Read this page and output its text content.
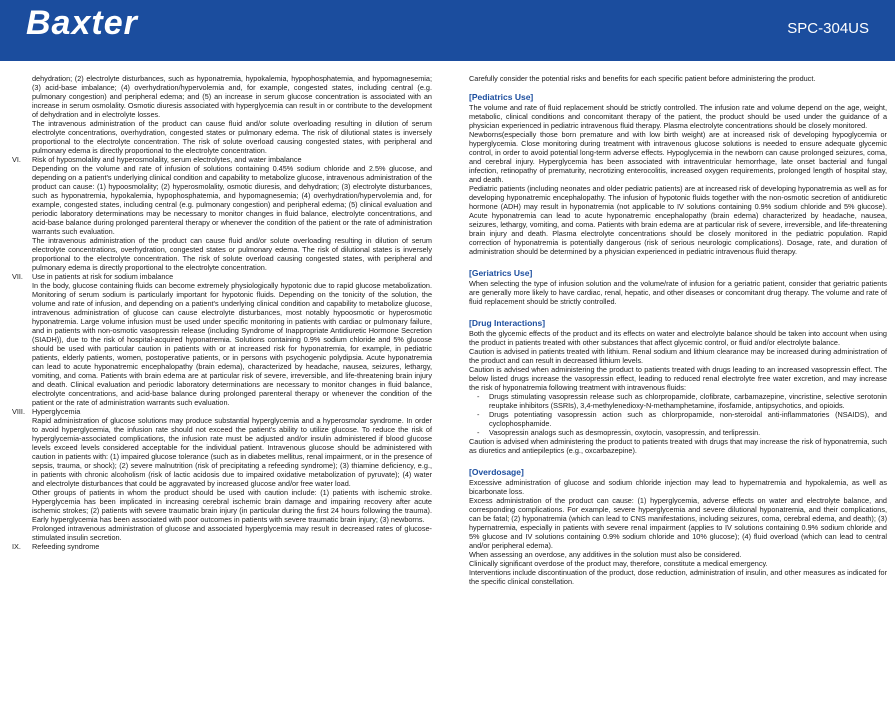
Baxter	SPC-304US

dehydration; (2) electrolyte disturbances, such as hyponatremia, hypokalemia, hypophosphatemia, and hypomagnesemia; (3) acid-base imbalance; (4) overhydration/hypervolemia and, for example, congested states, including central (e.g. pulmonary congestion) and peripheral edema; and (5) an increase in serum glucose concentration is associated with an increase in serum osmolality. Osmotic diuresis associated with hyperglycemia can result in or contribute to the development of dehydration and in electrolyte losses.

The intravenous administration of the product can cause fluid and/or solute overloading resulting in dilution of serum electrolyte concentrations, overhydration, congested states or pulmonary edema. The risk of dilutional states is inversely proportional to the electrolyte concentration. The risk of solute overload causing congested states, with peripheral and pulmonary edema is directly proportional to the electrolyte concentration.

VI.	Risk of hyposmolality and hyperosmolality, serum electrolytes, and water imbalance

Depending on the volume and rate of infusion of solutions containing 0.45% sodium chloride and 2.5% glucose, and depending on a patient's underlying clinical condition and capability to metabolize glucose, intravenous administration of the product can cause: (1) hypoosmolality; (2) hyperosmolality, osmotic diuresis, and dehydration; (3) electrolyte disturbances, such as hyponatremia, hypokalemia, hypophosphatemia, and hypomagnesemia; (4) overhydration/hypervolemia and, for example, congested states, including central (e.g. pulmonary congestion) and peripheral edema; (5) clinical evaluation and periodic laboratory determinations may be necessary to monitor changes in fluid balance, electrolyte concentrations, and acid-base balance during prolonged parenteral therapy or whenever the condition of the patient or the rate of administration warrants such evaluation.

The intravenous administration of the product can cause fluid and/or solute overloading resulting in dilution of serum electrolyte concentrations, overhydration, congested states or pulmonary edema. The risk of dilutional states is inversely proportional to the electrolyte concentration. The risk of solute overload causing congested states, with peripheral and pulmonary edema is directly proportional to the electrolyte concentration.

VII.	Use in patients at risk for sodium imbalance

In the body, glucose containing fluids can become extremely physiologically hypotonic due to rapid glucose metabolization. Monitoring of serum sodium is particularly important for hypotonic fluids. Depending on the tonicity of the solution, the volume and rate of infusion, and depending on a patient's underlying clinical condition and capability to metabolize glucose, intravenous administration of glucose can cause electrolyte disturbances, most notably hypoosmotic or hyperosmotic hyponatremia. Large volume infusion must be used under specific monitoring in patients with cardiac or pulmonary failure, and in patients with non-osmotic vasopressin release (including Syndrome of Inappropriate Antidiuretic Hormone Secretion (SIADH)), due to the risk of hospital-acquired hyponatremia. Solutions containing 0.9% sodium chloride and 5% glucose should be used with particular caution in patients with or at increased risk for hyponatremia, for example, in pediatric patients, elderly patients, women, postoperative patients, or in persons with psychogenic polydipsia. Acute hyponatremia can lead to acute hyponatremic encephalopathy (brain edema), characterized by headache, nausea, seizures, lethargy, vomiting, and coma. Patients with brain edema are at particular risk of severe, irreversible, and life-threatening brain injury and death. Clinical evaluation and periodic laboratory determinations are necessary to monitor changes in fluid balance, electrolyte concentrations, and acid-base balance during prolonged parenteral therapy or whenever the condition of the patient or the rate of administration warrants such evaluation.

VIII. Hyperglycemia

Rapid administration of glucose solutions may produce substantial hyperglycemia and a hyperosmolar syndrome. In order to avoid hyperglycemia, the infusion rate should not exceed the patient's ability to utilize glucose. To reduce the risk of hyperglycemia-associated complications, the infusion rate must be adjusted and/or insulin administered if blood glucose levels exceed levels considered acceptable for the individual patient. Intravenous glucose should be administered with caution in patients with: (1) impaired glucose tolerance (such as in diabetes mellitus, renal impairment, or in the presence of sepsis, trauma, or shock); (2) severe malnutrition (risk of precipitating a refeeding syndrome); (3) thiamine deficiency, e.g., in patients with chronic alcoholism (risk of lactic acidosis due to impaired oxidative metabolization of pyruvate); (4) water and electrolyte disturbances that could be aggravated by increased glucose and/or free water load.

Other groups of patients in whom the product should be used with caution include: (1) patients with ischemic stroke. Hyperglycemia has been implicated in increasing cerebral ischemic brain damage and impairing recovery after acute ischemic strokes; (2) patients with severe traumatic brain injury (in particular during the first 24 hours following the trauma). Early hyperglycemia has been associated with poor outcomes in patients with severe traumatic brain injury; (3) newborns.

Prolonged intravenous administration of glucose and associated hyperglycemia may result in decreased rates of glucose-stimulated insulin secretion.

IX.	Refeeding syndrome

Carefully consider the potential risks and benefits for each specific patient before administering the product.

[Pediatrics Use]

The volume and rate of fluid replacement should be strictly controlled. The infusion rate and volume depend on the age, weight, metabolic, clinical conditions and concomitant therapy of the patient, the product should be used under the guidance of a physician experienced in pediatric intravenous fluid therapy. Plasma electrolyte concentrations should be closely monitored.

Newborns(especially those born premature and with low birth weight) are at increased risk of developing hypoglycemia or hyperglycemia. Close monitoring during treatment with intravenous glucose solutions is needed to ensure adequate glycemic control, in order to avoid potential long-term adverse effects. Hypoglycemia in the newborn can cause prolonged seizures, coma, and cerebral injury. Hyperglycemia has been associated with intraventricular hemorrhage, late onset bacterial and fungal infection, retinopathy of prematurity, necrotizing enterocolitis, increased oxygen requirements, prolonged length of hospital stay, and death.

Pediatric patients (including neonates and older pediatric patients) are at increased risk of developing hyponatremia as well as for developing hyponatremic encephalopathy. The infusion of hypotonic fluids together with the non-osmotic secretion of antidiuretic hormone (ADH) may result in hyponatremia (not applicable to IV solutions containing 0.9% sodium chloride and 5% glucose). Acute hyponatremia can lead to acute hyponatremic encephalopathy (brain edema) characterized by headache, nausea, seizures, lethargy, vomiting, and coma. Patients with brain edema are at particular risk of severe, irreversible, and life-threatening brain injury and death. Plasma electrolyte concentrations should be closely monitored in the pediatric population. Rapid correction of hyponatremia is potentially dangerous (risk of serious neurologic complications). Dosage, rate, and duration of administration should be determined by a physician experienced in pediatric intravenous fluid therapy.

[Geriatrics Use]

When selecting the type of infusion solution and the volume/rate of infusion for a geriatric patient, consider that geriatric patients are generally more likely to have cardiac, renal, hepatic, and other diseases or concomitant drug therapy. The volume and rate of fluid replacement should be strictly controlled.

[Drug Interactions]

Both the glycemic effects of the product and its effects on water and electrolyte balance should be taken into account when using the product in patients treated with other substances that affect glycemic control, or fluid and/or electrolyte balance.

Caution is advised in patients treated with lithium. Renal sodium and lithium clearance may be increased during administration of the product and can result in decreased lithium levels.

Caution is advised when administering the product to patients treated with drugs leading to an increased vasopressin effect. The below listed drugs increase the vasopressin effect, leading to reduced renal electrolyte free water excretion, and may increase the risk of hyponatremia following treatment with intravenous fluids:

-	Drugs stimulating vasopressin release such as chlorpropamide, clofibrate, carbamazepine, vincristine, selective serotonin reuptake inhibitors (SSRIs), 3,4-methylenedioxy-N-methamphetamine, ifosfamide, antipsychotics, and opioids.
-	Drugs potentiating vasopressin action such as chlorpropamide, non-steroidal anti-inflammatories (NSAIDS), and cyclophosphamide.
-	Vasopressin analogs such as desmopressin, oxytocin, vasopressin, and terlipressin.

Caution is advised when administering the product to patients treated with drugs that may increase the risk of hyponatremia, such as diuretics and antiepileptics (e.g., oxcarbazepine).

[Overdosage]

Excessive administration of glucose and sodium chloride injection may lead to hypernatremia and hypokalemia, as well as bicarbonate loss.

Excess administration of the product can cause: (1) hyperglycemia, adverse effects on water and electrolyte balance, and corresponding complications. For example, severe hyperglycemia and severe dilutional hyponatremia, and their complications, can be fatal; (2) hyponatremia (which can lead to CNS manifestations, including seizures, coma, cerebral edema, and death); (3) hypernatremia, especially in patients with severe renal impairment (applies to IV solutions containing 0.9% sodium chloride and 5% glucose and IV solutions containing 0.9% sodium chloride and 10% glucose); (4) fluid overload (which can lead to central and/or peripheral edema).

When assessing an overdose, any additives in the solution must also be considered.

Clinically significant overdose of the product may, therefore, constitute a medical emergency.

Interventions include discontinuation of the product, dose reduction, administration of insulin, and other measures as indicated for the specific clinical constellation.
